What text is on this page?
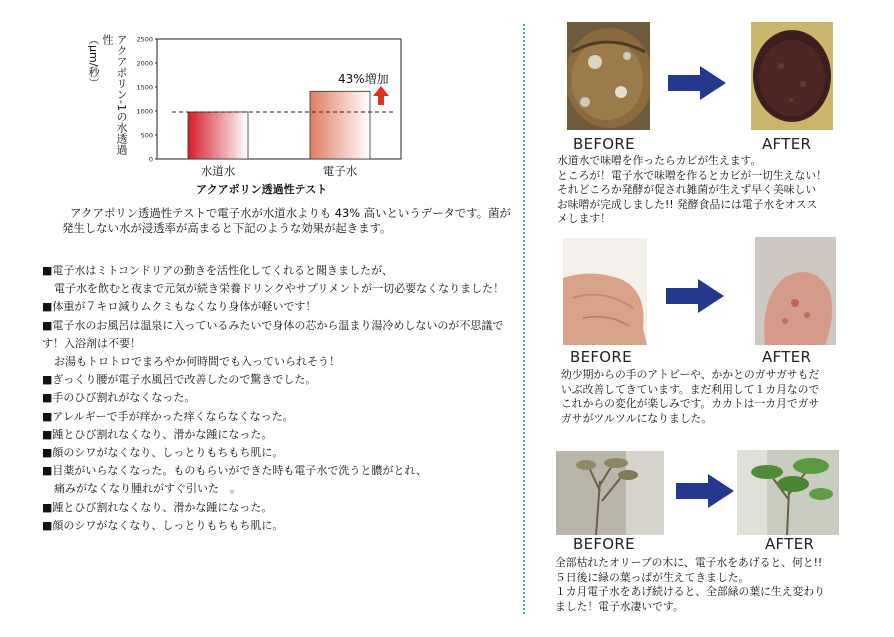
アクアポリン-1の水透過性
（μm/秒）
0
500
1000
1500
2000
2500
43%増加
水道水	電子水
アクアポリン透過性テスト

アクアポリン透過性テストで電子水が水道水よりも 43% 高いというデータです。菌が発生しない水が浸透率が高まると下記のような効果が起きます。

■電子水はミトコンドリアの動きを活性化してくれると聞きましたが、
電子水を飲むと夜まで元気が続き栄養ドリンクやサプリメントが一切必要なくなりました！
■体重が７キロ減りムクミもなくなり身体が軽いです！
■電子水のお風呂は温泉に入っているみたいで身体の芯から温まり湯冷めしないのが不思議です！入浴剤は不要！
お湯もトロトロでまろやか何時間でも入っていられそう！
■ぎっくり腰が電子水風呂で改善したので驚きでした。
■手のひび割れがなくなった。
■アレルギーで手が痒かった痒くならなくなった。
■踵とひび割れなくなり、滑かな踵になった。
■顔のシワがなくなり、しっとりもちもち肌に。
■目薬がいらなくなった。ものもらいができた時も電子水で洗うと膿がとれ、
痛みがなくなり腫れがすぐ引いた　。
■踵とひび割れなくなり、滑かな踵になった。
■顔のシワがなくなり、しっとりもちもち肌に。
BEFORE	AFTER
水道水で味噌を作ったらカビが生えます。
ところが！電子水で味噌を作るとカビが一切生えない！
それどころか発酵が促され雑菌が生えず早く美味しい
お味噌が完成しました!! 発酵食品には電子水をオスス
メします！
BEFORE	AFTER
幼少期からの手のアトピーや、かかとのガサガサもだ
いぶ改善してきています。まだ利用して１カ月なので
これからの変化が楽しみです。カカトは一カ月でガサ
ガサがツルツルになりました。
BEFORE	AFTER
全部枯れたオリーブの木に、電子水をあげると、何と!!
５日後に緑の葉っぱが生えてきました。
１カ月電子水をあげ続けると、全部緑の葉に生え変わり
ました！電子水凄いです。
